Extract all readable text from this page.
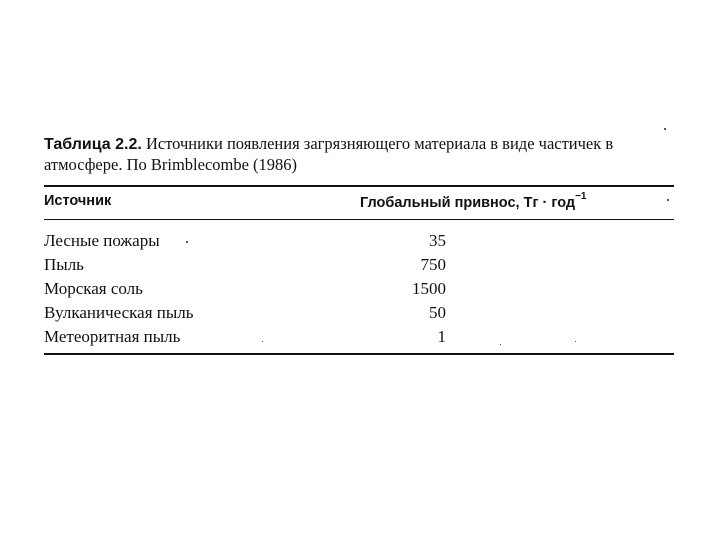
Таблица 2.2. Источники появления загрязняющего материала в виде частичек в атмосфере. По Brimblecombe (1986)
Источник	Глобальный привнос, Тг · год$^{-1}$
Лесные пожары	35
Пыль	750
Морская соль	1500
Вулканическая пыль	50
Метеоритная пыль	1
